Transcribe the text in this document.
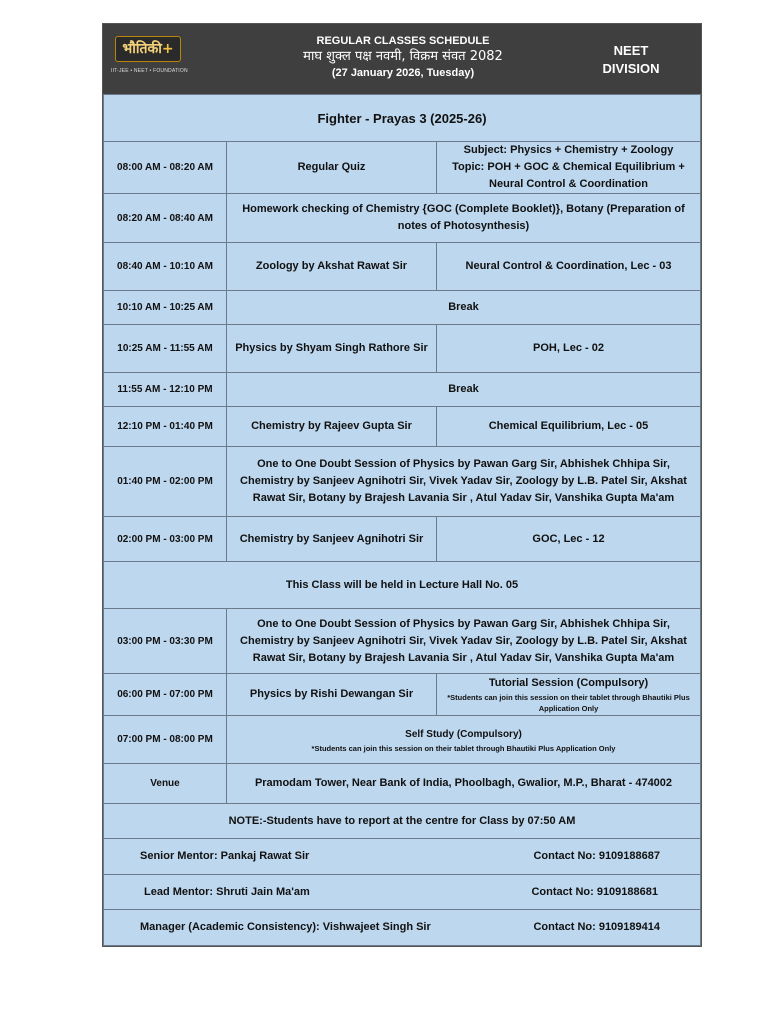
भौतिकी+
IIT-JEE • NEET • FOUNDATION
REGULAR CLASSES SCHEDULE
माघ शुक्ल पक्ष नवमी, विक्रम संवत 2082
(27 January 2026, Tuesday)
NEET
DIVISION
Fighter - Prayas 3 (2025-26)		
08:00 AM - 08:20 AM	Regular Quiz	Subject: Physics + Chemistry + Zoology
Topic: POH + GOC & Chemical Equilibrium +
Neural Control & Coordination

08:20 AM - 08:40 AM	Homework checking of Chemistry {GOC (Complete Booklet)}, Botany (Preparation of notes of Photosynthesis)	
08:40 AM - 10:10 AM	Zoology by Akshat Rawat Sir	Neural Control & Coordination, Lec - 03
10:10 AM - 10:25 AM	Break	
10:25 AM - 11:55 AM	Physics by Shyam Singh Rathore Sir	POH, Lec - 02
11:55 AM - 12:10 PM	Break	
12:10 PM - 01:40 PM	Chemistry by Rajeev Gupta Sir	Chemical Equilibrium, Lec - 05
01:40 PM - 02:00 PM	One to One Doubt Session of Physics by Pawan Garg Sir, Abhishek Chhipa Sir, Chemistry by Sanjeev Agnihotri Sir, Vivek Yadav Sir, Zoology by L.B. Patel Sir, Akshat Rawat Sir, Botany by Brajesh Lavania Sir , Atul Yadav Sir, Vanshika Gupta Ma'am	
02:00 PM - 03:00 PM	Chemistry by Sanjeev Agnihotri Sir	GOC, Lec - 12
This Class will be held in Lecture Hall No. 05		
03:00 PM - 03:30 PM	One to One Doubt Session of Physics by Pawan Garg Sir, Abhishek Chhipa Sir, Chemistry by Sanjeev Agnihotri Sir, Vivek Yadav Sir, Zoology by L.B. Patel Sir, Akshat Rawat Sir, Botany by Brajesh Lavania Sir , Atul Yadav Sir, Vanshika Gupta Ma'am	
06:00 PM - 07:00 PM	Physics by Rishi Dewangan Sir	Tutorial Session (Compulsory)
*Students can join this session on their tablet through Bhautiki Plus Application Only

07:00 PM - 08:00 PM	Self Study (Compulsory)
*Students can join this session on their tablet through Bhautiki Plus Application Only	

Venue	Pramodam Tower, Near Bank of India, Phoolbagh, Gwalior, M.P., Bharat - 474002	
NOTE:-Students have to report at the centre for Class by 07:50 AM		

Senior Mentor: Pankaj Rawat Sir Contact No: 9109188687		

Lead Mentor: Shruti Jain Ma'am Contact No: 9109188681		

Manager (Academic Consistency): Vishwajeet Singh Sir Contact No: 9109189414		
